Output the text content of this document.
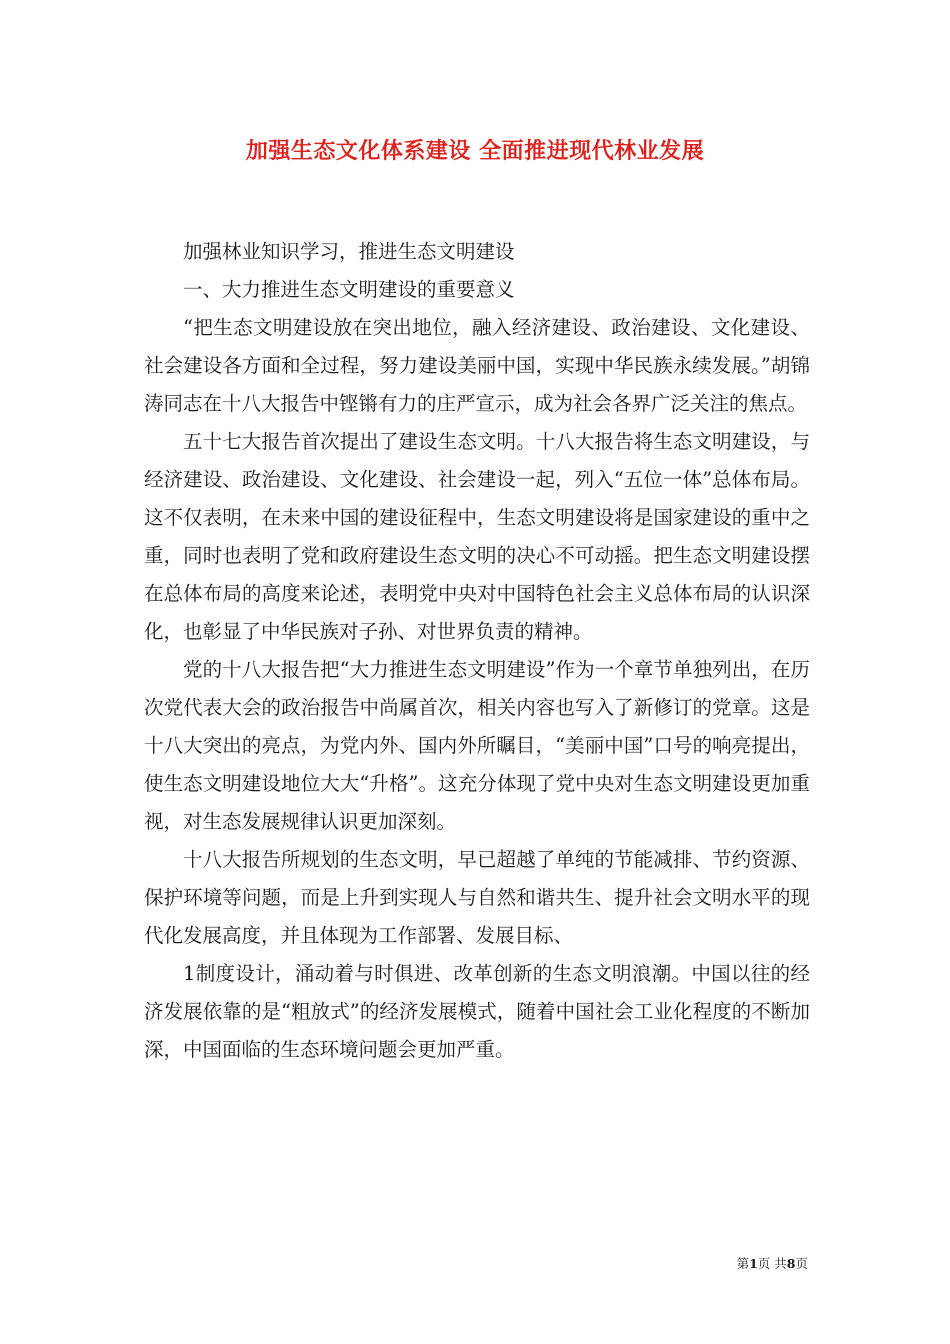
加强生态文化体系建设 全面推进现代林业发展

加强林业知识学习，推进生态文明建设

一、大力推进生态文明建设的重要意义

“把生态文明建设放在突出地位，融入经济建设、政治建设、文化建设、社会建设各方面和全过程，努力建设美丽中国，实现中华民族永续发展。”胡锦涛同志在十八大报告中铿锵有力的庄严宣示，成为社会各界广泛关注的焦点。

五十七大报告首次提出了建设生态文明。十八大报告将生态文明建设，与经济建设、政治建设、文化建设、社会建设一起，列入“五位一体”总体布局。这不仅表明，在未来中国的建设征程中，生态文明建设将是国家建设的重中之重，同时也表明了党和政府建设生态文明的决心不可动摇。把生态文明建设摆在总体布局的高度来论述，表明党中央对中国特色社会主义总体布局的认识深化，也彰显了中华民族对子孙、对世界负责的精神。

党的十八大报告把“大力推进生态文明建设”作为一个章节单独列出，在历次党代表大会的政治报告中尚属首次，相关内容也写入了新修订的党章。这是十八大突出的亮点，为党内外、国内外所瞩目，“美丽中国”口号的响亮提出，使生态文明建设地位大大“升格”。这充分体现了党中央对生态文明建设更加重视，对生态发展规律认识更加深刻。

十八大报告所规划的生态文明，早已超越了单纯的节能减排、节约资源、保护环境等问题，而是上升到实现人与自然和谐共生、提升社会文明水平的现代化发展高度，并且体现为工作部署、发展目标、

1制度设计，涌动着与时俱进、改革创新的生态文明浪潮。中国以往的经济发展依靠的是“粗放式”的经济发展模式，随着中国社会工业化程度的不断加深，中国面临的生态环境问题会更加严重。

第1页 共8页
